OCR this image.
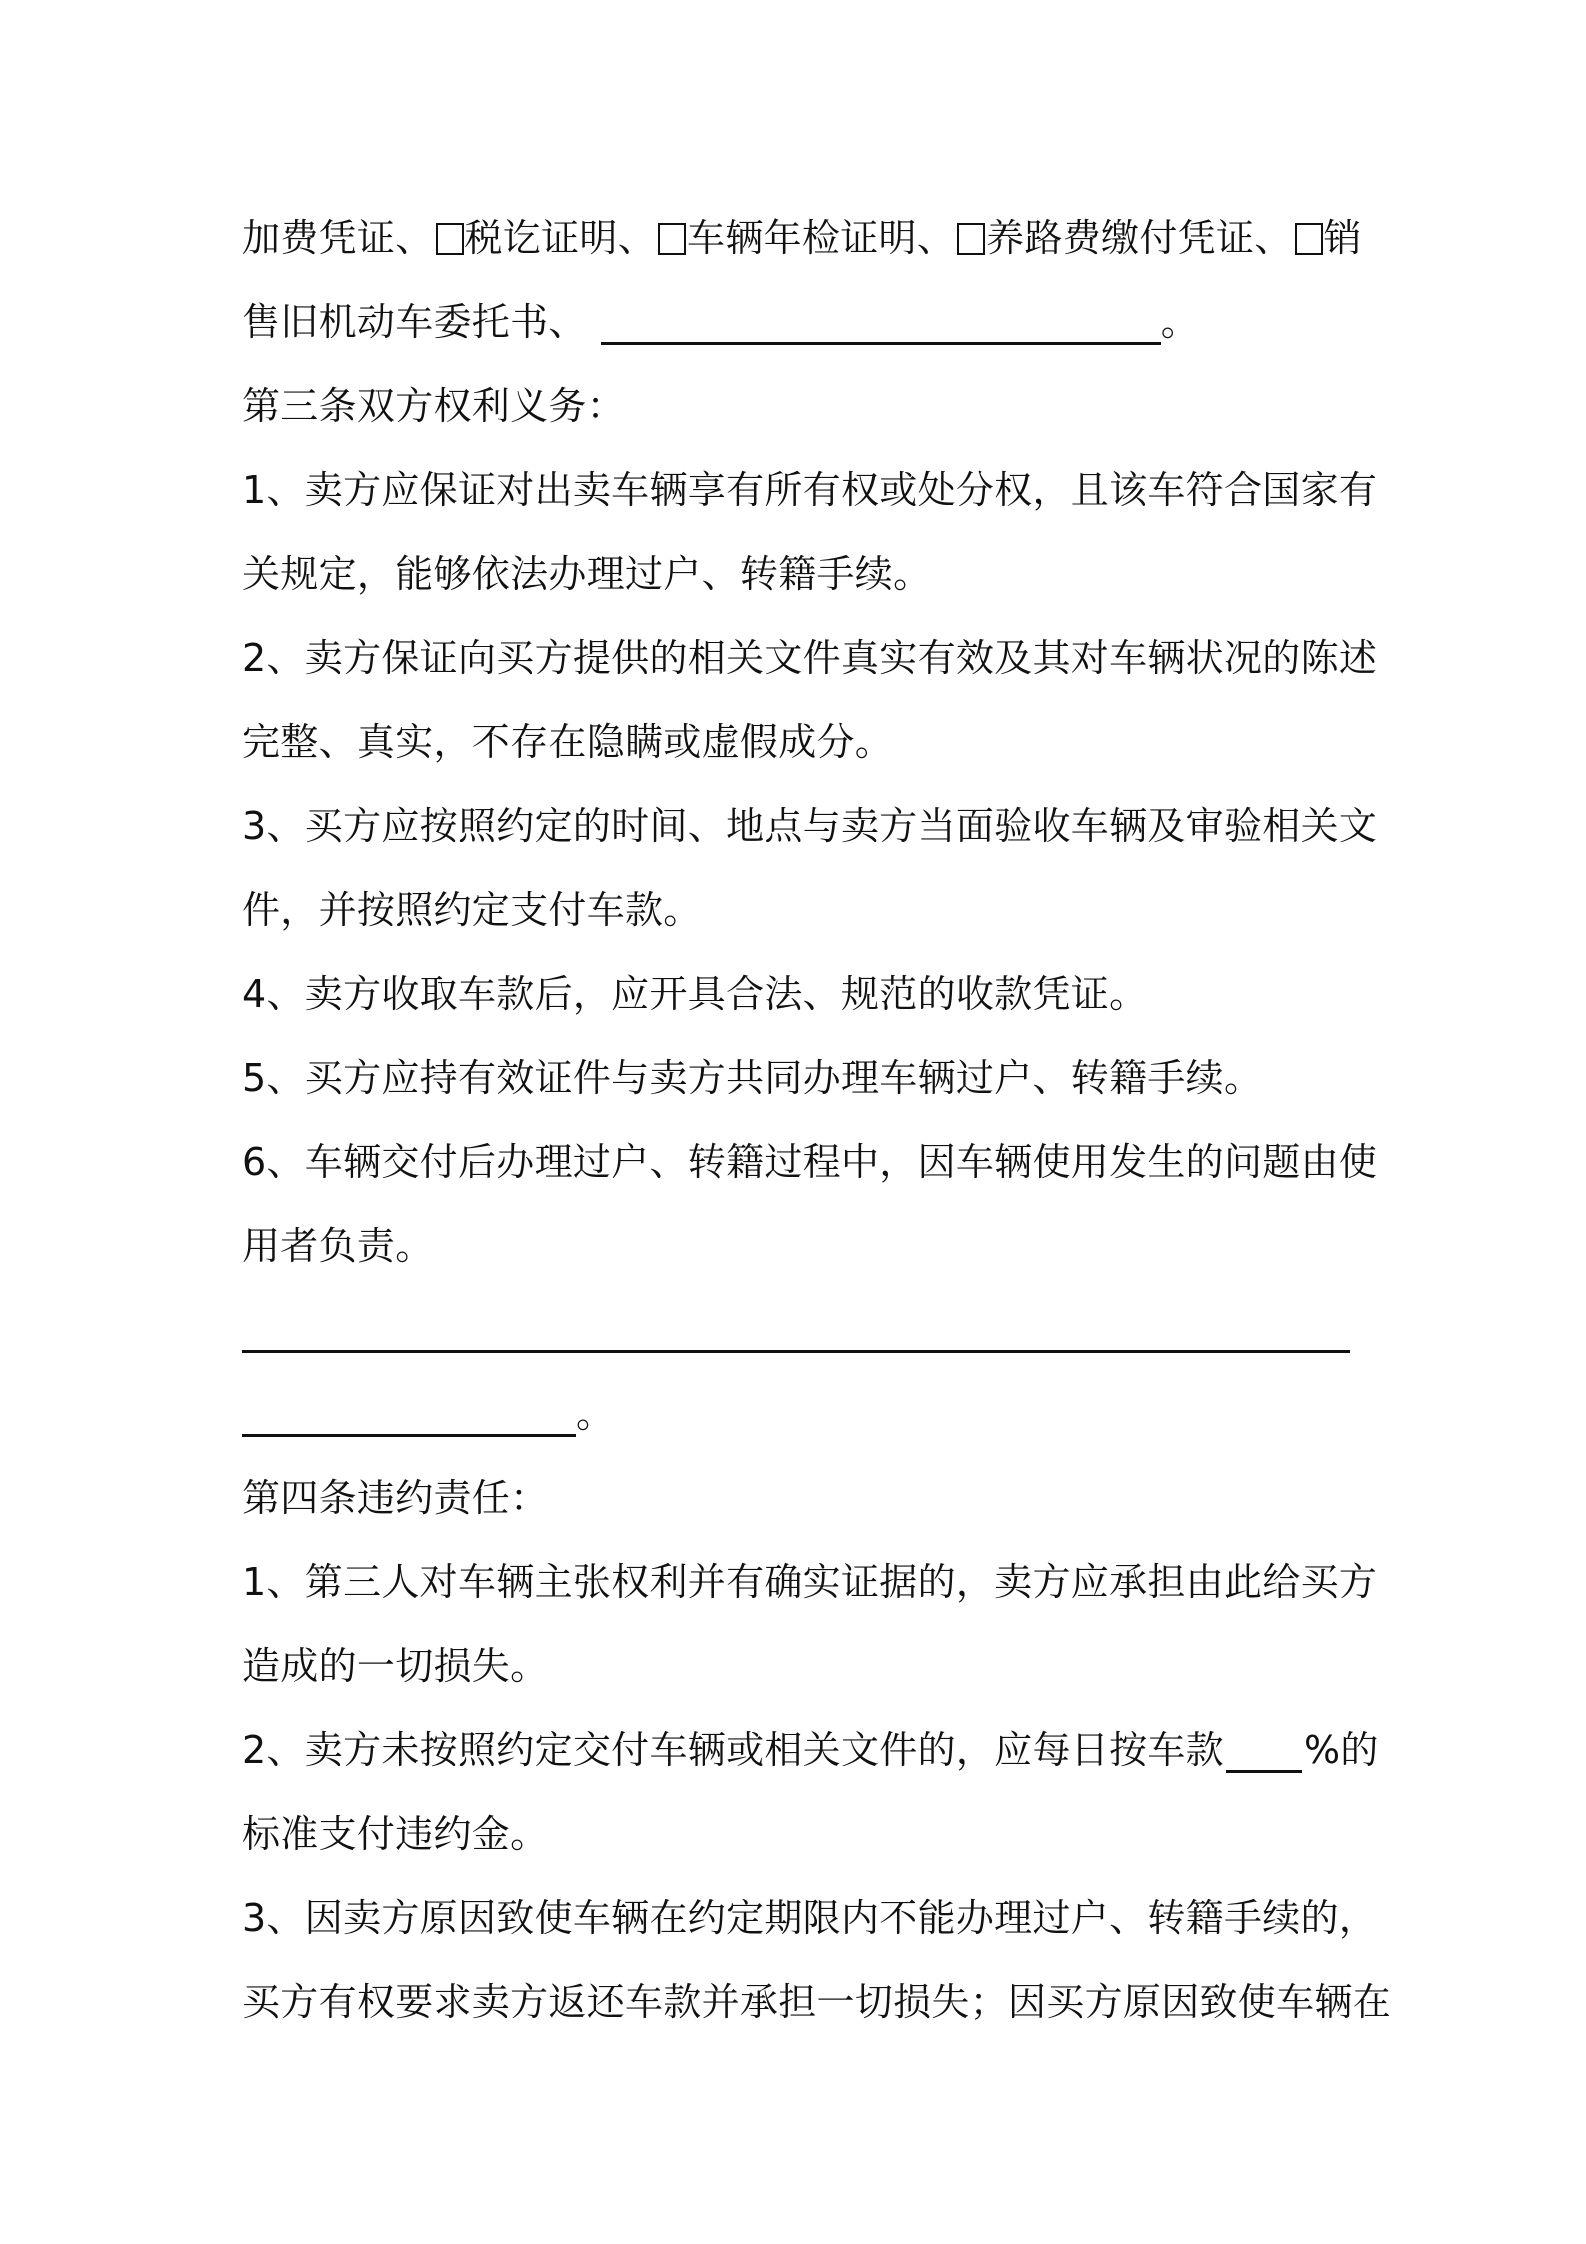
加费凭证、 税讫证明、 车辆年检证明、 养路费缴付凭证、 销
售旧机动车委托书、	。
第三条双方权利义务：
1、卖方应保证对出卖车辆享有所有权或处分权，且该车符合国家有
关规定，能够依法办理过户、转籍手续。
2、卖方保证向买方提供的相关文件真实有效及其对车辆状况的陈述
完整、真实，不存在隐瞒或虚假成分。
3、买方应按照约定的时间、地点与卖方当面验收车辆及审验相关文
件，并按照约定支付车款。
4、卖方收取车款后，应开具合法、规范的收款凭证。
5、买方应持有效证件与卖方共同办理车辆过户、转籍手续。
6、车辆交付后办理过户、转籍过程中，因车辆使用发生的问题由使
用者负责。
。
第四条违约责任：
1、第三人对车辆主张权利并有确实证据的，卖方应承担由此给买方
造成的一切损失。
2、卖方未按照约定交付车辆或相关文件的，应每日按车款 %的
标准支付违约金。
3、因卖方原因致使车辆在约定期限内不能办理过户、转籍手续的，
买方有权要求卖方返还车款并承担一切损失；因买方原因致使车辆在
